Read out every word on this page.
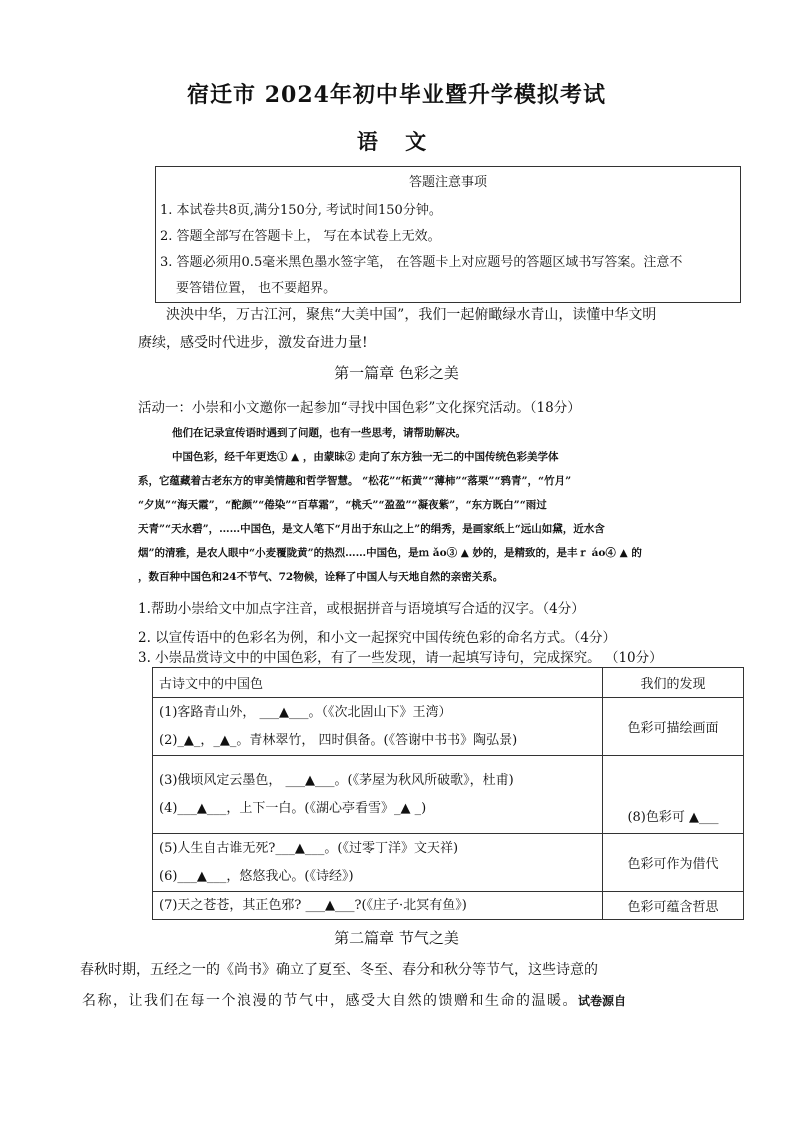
宿迁市 2024年初中毕业暨升学模拟考试
语 文
答题注意事项
1. 本试卷共8页,满分150分, 考试时间150分钟。
2. 答题全部写在答题卡上， 写在本试卷上无效。
3. 答题必须用0.5毫米黑色墨水签字笔， 在答题卡上对应题号的答题区域书写答案。注意不
要答错位置， 也不要超界。
泱泱中华，万古江河，聚焦“大美中国”，我们一起俯瞰绿水青山，读懂中华文明
赓续，感受时代进步，激发奋进力量!
第一篇章 色彩之美
活动一：小崇和小文邀你一起参加“寻找中国色彩”文化探究活动。（18分）
他们在记录宣传语时遇到了问题，也有一些思考，请帮助解决。
中国色彩，经千年更迭① ▲ ，由蒙昧② 走向了东方独一无二的中国传统色彩美学体
系，它蕴藏着古老东方的审美情趣和哲学智慧。 “松花”“柘黄”“薄柿”“落栗”“鸦青”，“竹月”
“夕岚”“海天霞”，“酡颜”“倦染”“百草霜”，“桃夭”“盈盈”“凝夜紫”，“东方既白”“雨过
天青”“天水碧”，……中国色，是文人笔下“月出于东山之上”的绢秀，是画家纸上“远山如黛，近水含
烟”的清雅，是农人眼中“小麦覆陇黄”的热烈……中国色，是ｍ ǎo③ ▲ 妙的，是精致的，是丰ｒ áo④ ▲ 的
，数百种中国色和24不节气、72物候，诠释了中国人与天地自然的亲密关系。
1.帮助小崇给文中加点字注音，或根据拼音与语境填写合适的汉字。（4分）
2. 以宣传语中的色彩名为例，和小文一起探究中国传统色彩的命名方式。（4分）
3. 小崇品赏诗文中的中国色彩，有了一些发现，请一起填写诗句，完成探究。 （10分）
古诗文中的中国色	我们的发现

(1)客路青山外， ___▲___。（《次北固山下》王湾）
(2)_▲_，_▲_。青林翠竹， 四时俱备。(《答谢中书书》陶弘景)	色彩可描绘画面

(3)俄顷风定云墨色， ___▲___。(《茅屋为秋风所破歌》，杜甫)
(4)___▲___，上下一白。(《湖心亭看雪》_▲ _)	(8)色彩可 ▲___

(5)人生自古谁无死?___▲___。(《过零丁洋》文天祥)
(6)___▲___，悠悠我心。(《诗经》)	色彩可作为借代

(7)天之苍苍，其正色邪? ___▲___?(《庄子·北冥有鱼》)	色彩可蕴含哲思
第二篇章 节气之美
春秋时期，五经之一的《尚书》确立了夏至、冬至、春分和秋分等节气，这些诗意的
名称，让我们在每一个浪漫的节气中，感受大自然的馈赠和生命的温暖。试卷源自
